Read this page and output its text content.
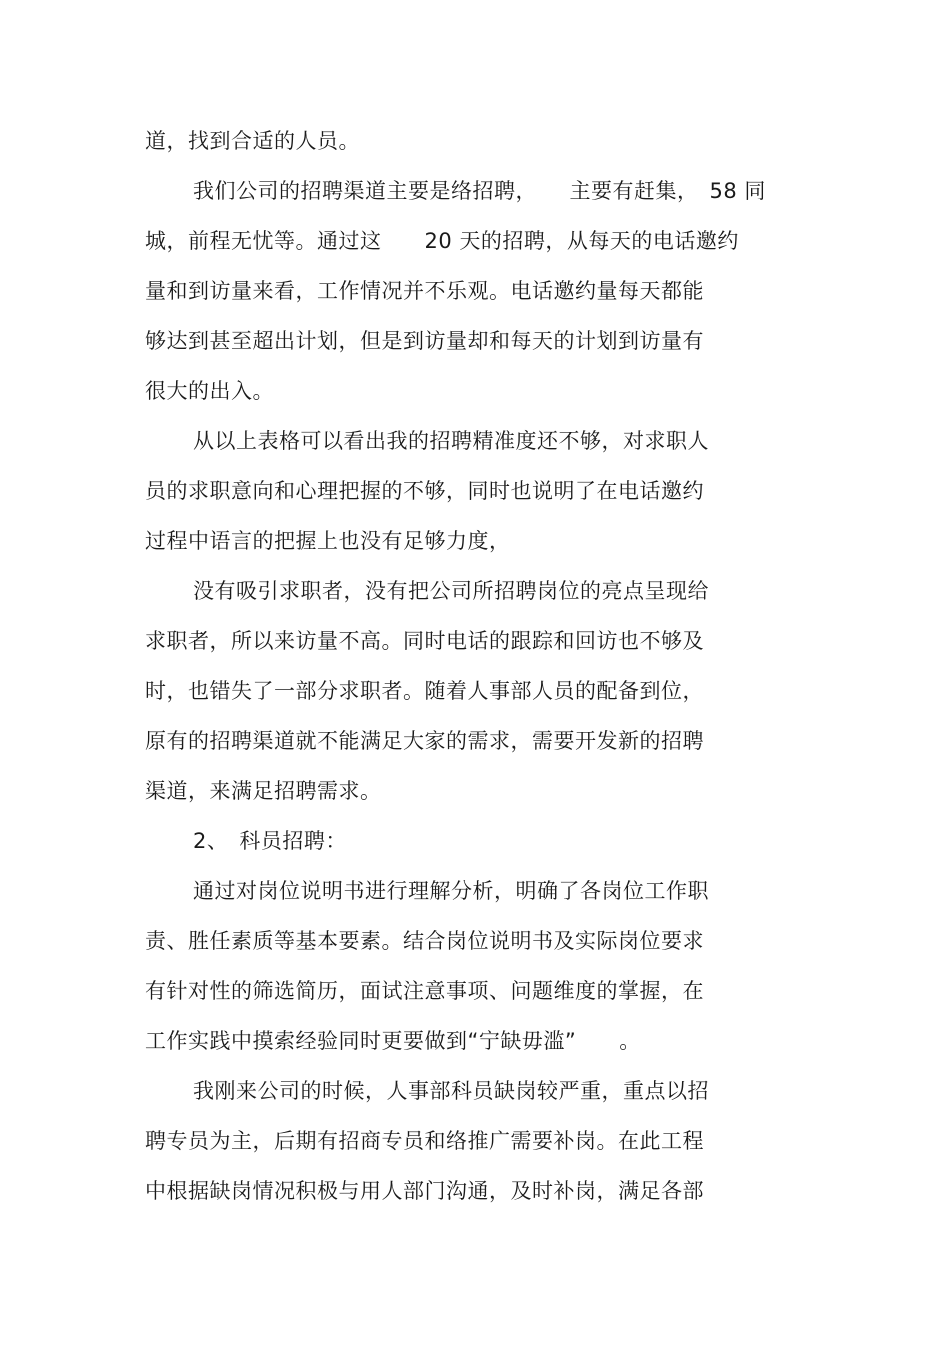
道，找到合适的人员。
我们公司的招聘渠道主要是络招聘，　　主要有赶集，　58 同
城，前程无忧等。通过这　　20 天的招聘，从每天的电话邀约
量和到访量来看，工作情况并不乐观。电话邀约量每天都能
够达到甚至超出计划，但是到访量却和每天的计划到访量有
很大的出入。
从以上表格可以看出我的招聘精准度还不够，对求职人
员的求职意向和心理把握的不够，同时也说明了在电话邀约
过程中语言的把握上也没有足够力度，
没有吸引求职者，没有把公司所招聘岗位的亮点呈现给
求职者，所以来访量不高。同时电话的跟踪和回访也不够及
时，也错失了一部分求职者。随着人事部人员的配备到位，
原有的招聘渠道就不能满足大家的需求，需要开发新的招聘
渠道，来满足招聘需求。
2、　科员招聘：
通过对岗位说明书进行理解分析，明确了各岗位工作职
责、胜任素质等基本要素。结合岗位说明书及实际岗位要求
有针对性的筛选简历，面试注意事项、问题维度的掌握，在
工作实践中摸索经验同时更要做到“宁缺毋滥”　　。
我刚来公司的时候，人事部科员缺岗较严重，重点以招
聘专员为主，后期有招商专员和络推广需要补岗。在此工程
中根据缺岗情况积极与用人部门沟通，及时补岗，满足各部
